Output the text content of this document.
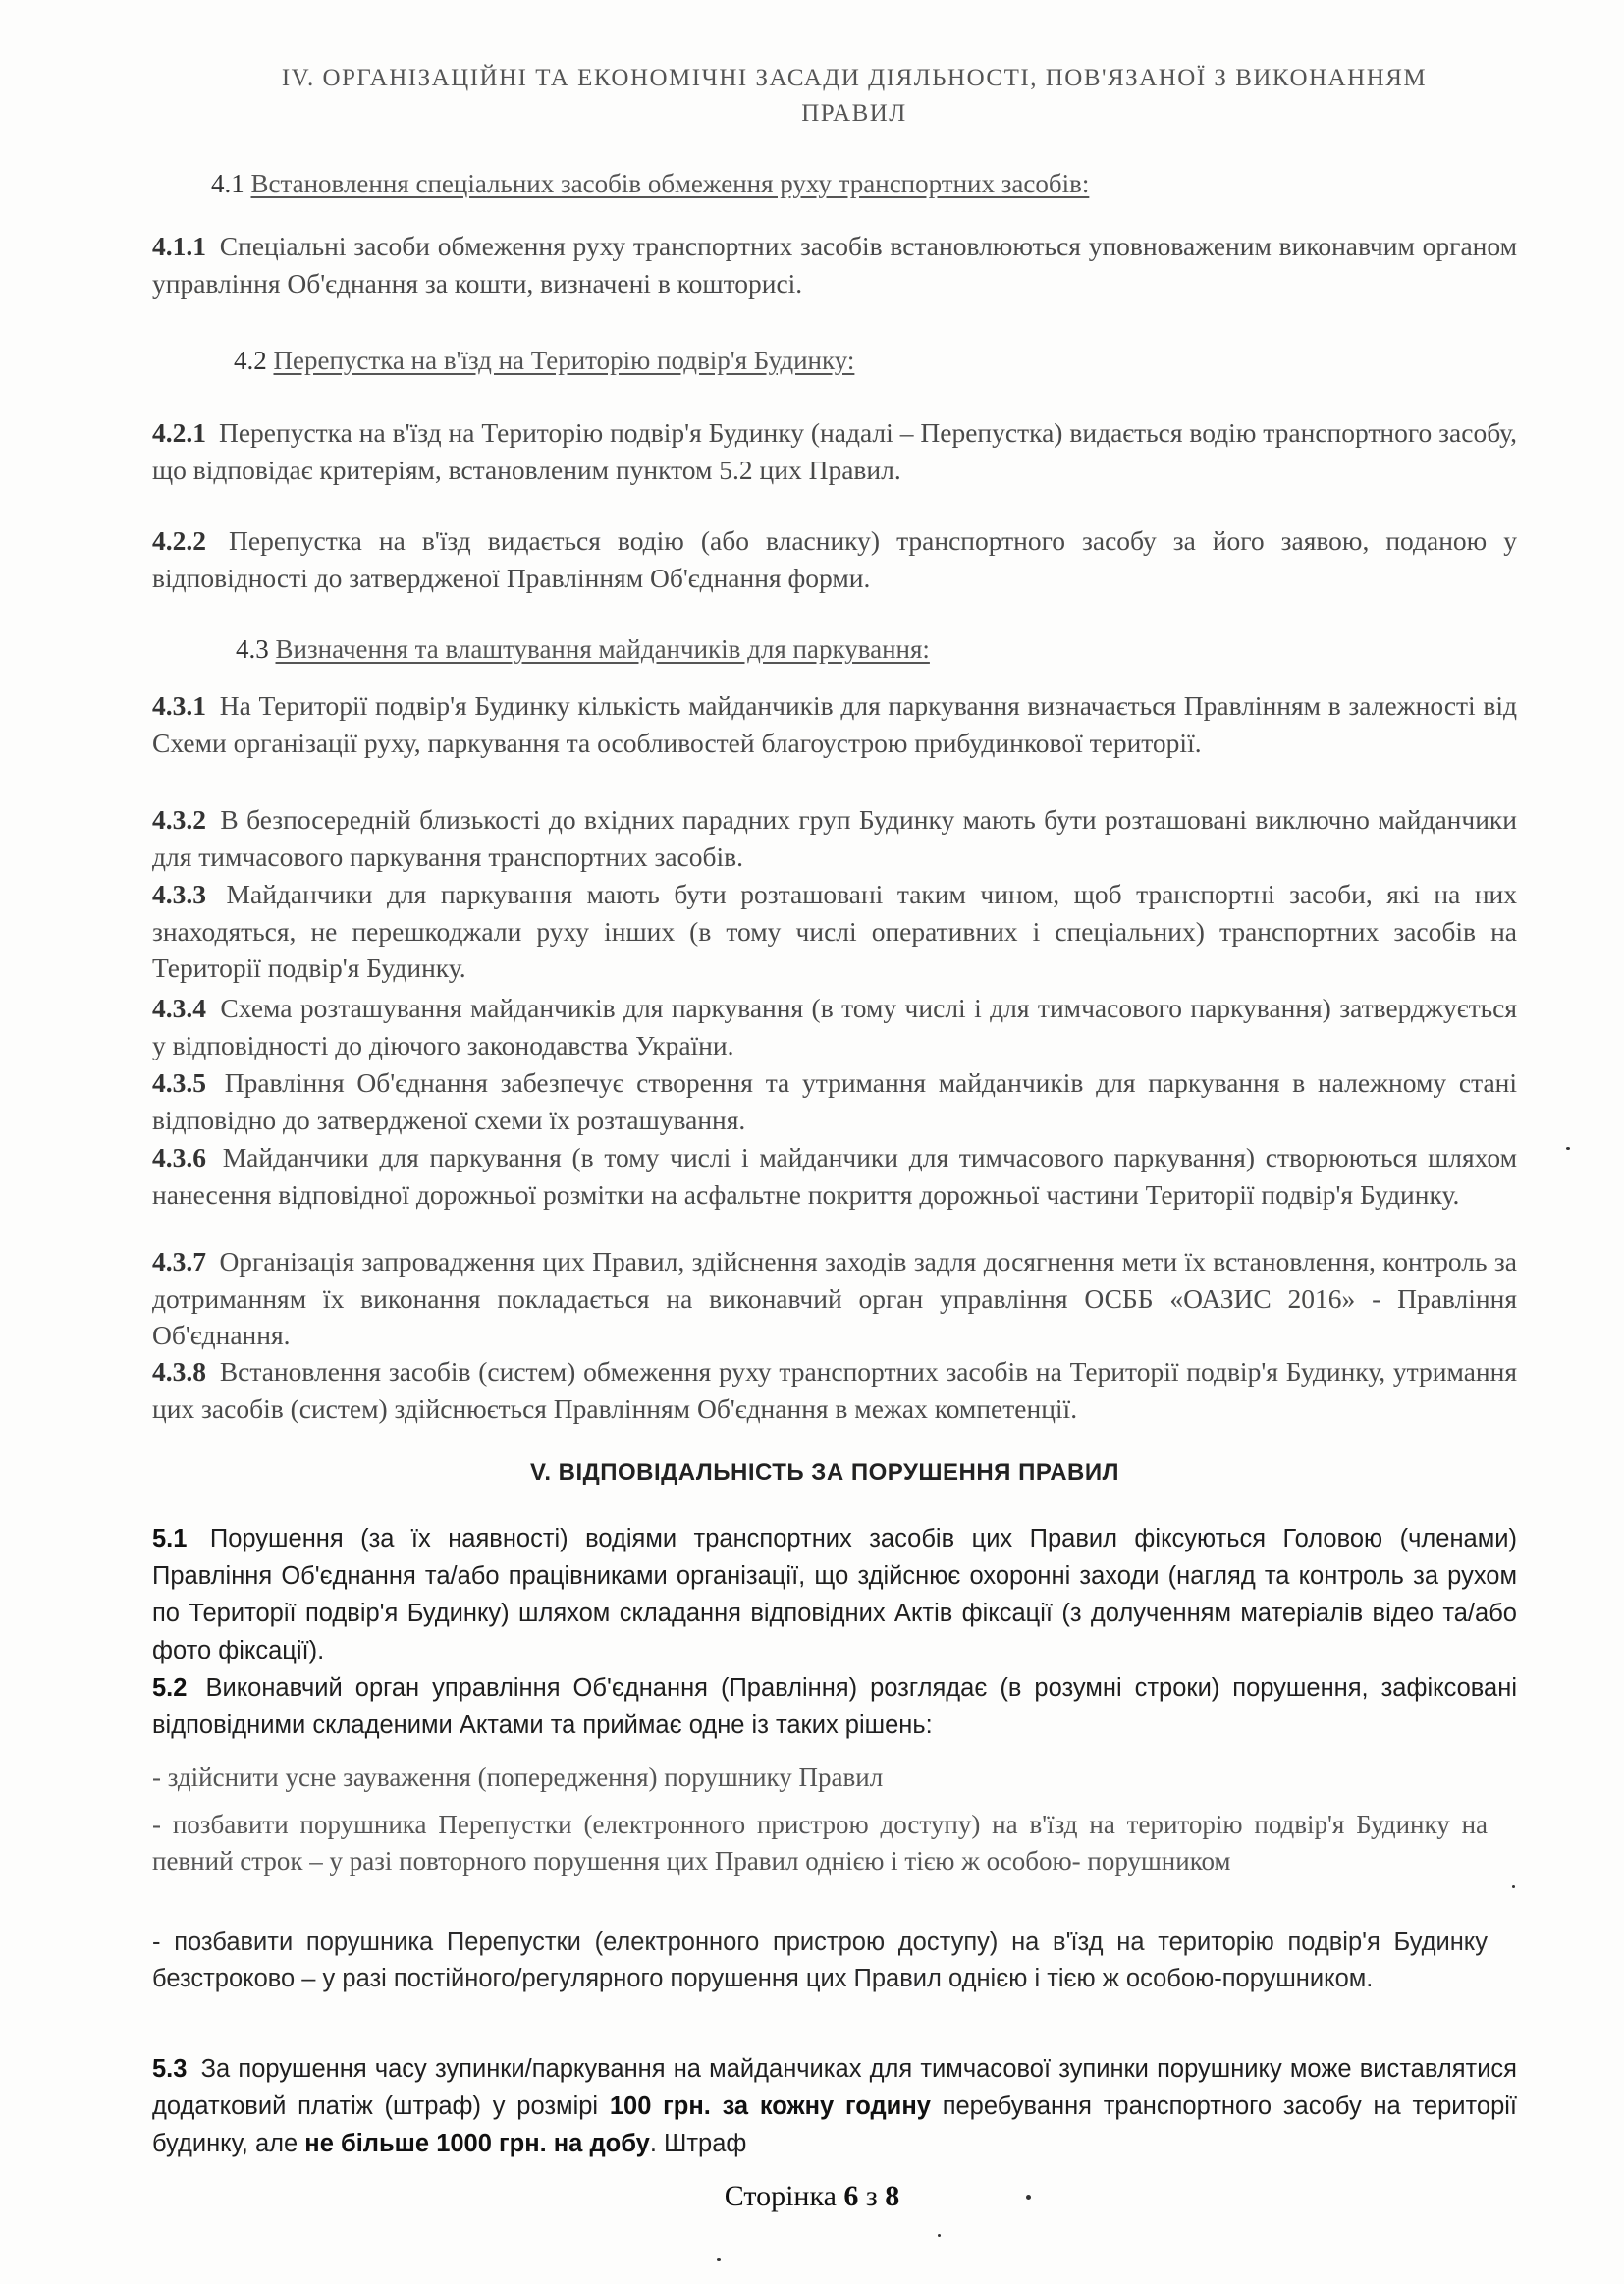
IV. ОРГАНІЗАЦІЙНІ ТА ЕКОНОМІЧНІ ЗАСАДИ ДІЯЛЬНОСТІ, ПОВ'ЯЗАНОЇ З ВИКОНАННЯМ
ПРАВИЛ
4.1 Встановлення спеціальних засобів обмеження руху транспортних засобів:
4.1.1 Спеціальні засоби обмеження руху транспортних засобів встановлюються уповноваженим виконавчим органом управління Об'єднання за кошти, визначені в кошторисі.
4.2 Перепустка на в'їзд на Територію подвір'я Будинку:
4.2.1 Перепустка на в'їзд на Територію подвір'я Будинку (надалі – Перепустка) видається водію транспортного засобу, що відповідає критеріям, встановленим пунктом 5.2 цих Правил.
4.2.2 Перепустка на в'їзд видається водію (або власнику) транспортного засобу за його заявою, поданою у відповідності до затвердженої Правлінням Об'єднання форми.
4.3 Визначення та влаштування майданчиків для паркування:
4.3.1 На Території подвір'я Будинку кількість майданчиків для паркування визначається Правлінням в залежності від Схеми організації руху, паркування та особливостей благоустрою прибудинкової території.
4.3.2 В безпосередній близькості до вхідних парадних груп Будинку мають бути розташовані виключно майданчики для тимчасового паркування транспортних засобів.
4.3.3 Майданчики для паркування мають бути розташовані таким чином, щоб транспортні засоби, які на них знаходяться, не перешкоджали руху інших (в тому числі оперативних і спеціальних) транспортних засобів на Території подвір'я Будинку.
4.3.4 Схема розташування майданчиків для паркування (в тому числі і для тимчасового паркування) затверджується у відповідності до діючого законодавства України.
4.3.5 Правління Об'єднання забезпечує створення та утримання майданчиків для паркування в належному стані відповідно до затвердженої схеми їх розташування.
4.3.6 Майданчики для паркування (в тому числі і майданчики для тимчасового паркування) створюються шляхом нанесення відповідної дорожньої розмітки на асфальтне покриття дорожньої частини Території подвір'я Будинку.
4.3.7 Організація запровадження цих Правил, здійснення заходів задля досягнення мети їх встановлення, контроль за дотриманням їх виконання покладається на виконавчий орган управління ОСББ «ОАЗИС 2016» - Правління Об'єднання.
4.3.8 Встановлення засобів (систем) обмеження руху транспортних засобів на Території подвір'я Будинку, утримання цих засобів (систем) здійснюється Правлінням Об'єднання в межах компетенції.
V. ВІДПОВІДАЛЬНІСТЬ ЗА ПОРУШЕННЯ ПРАВИЛ
5.1 Порушення (за їх наявності) водіями транспортних засобів цих Правил фіксуються Головою (членами) Правління Об'єднання та/або працівниками організації, що здійснює охоронні заходи (нагляд та контроль за рухом по Території подвір'я Будинку) шляхом складання відповідних Актів фіксації (з долученням матеріалів відео та/або фото фіксації).
5.2 Виконавчий орган управління Об'єднання (Правління) розглядає (в розумні строки) порушення, зафіксовані відповідними складеними Актами та приймає одне із таких рішень:
- здійснити усне зауваження (попередження) порушнику Правил
- позбавити порушника Перепустки (електронного пристрою доступу) на в'їзд на територію подвір'я Будинку на певний строк – у разі повторного порушення цих Правил однією і тією ж особою- порушником
- позбавити порушника Перепустки (електронного пристрою доступу) на в'їзд на територію подвір'я Будинку безстроково – у разі постійного/регулярного порушення цих Правил однією і тією ж особою-порушником.
5.3 За порушення часу зупинки/паркування на майданчиках для тимчасової зупинки порушнику може виставлятися додатковий платіж (штраф) у розмірі 100 грн. за кожну годину перебування транспортного засобу на території будинку, але не більше 1000 грн. на добу. Штраф
Сторінка 6 з 8
